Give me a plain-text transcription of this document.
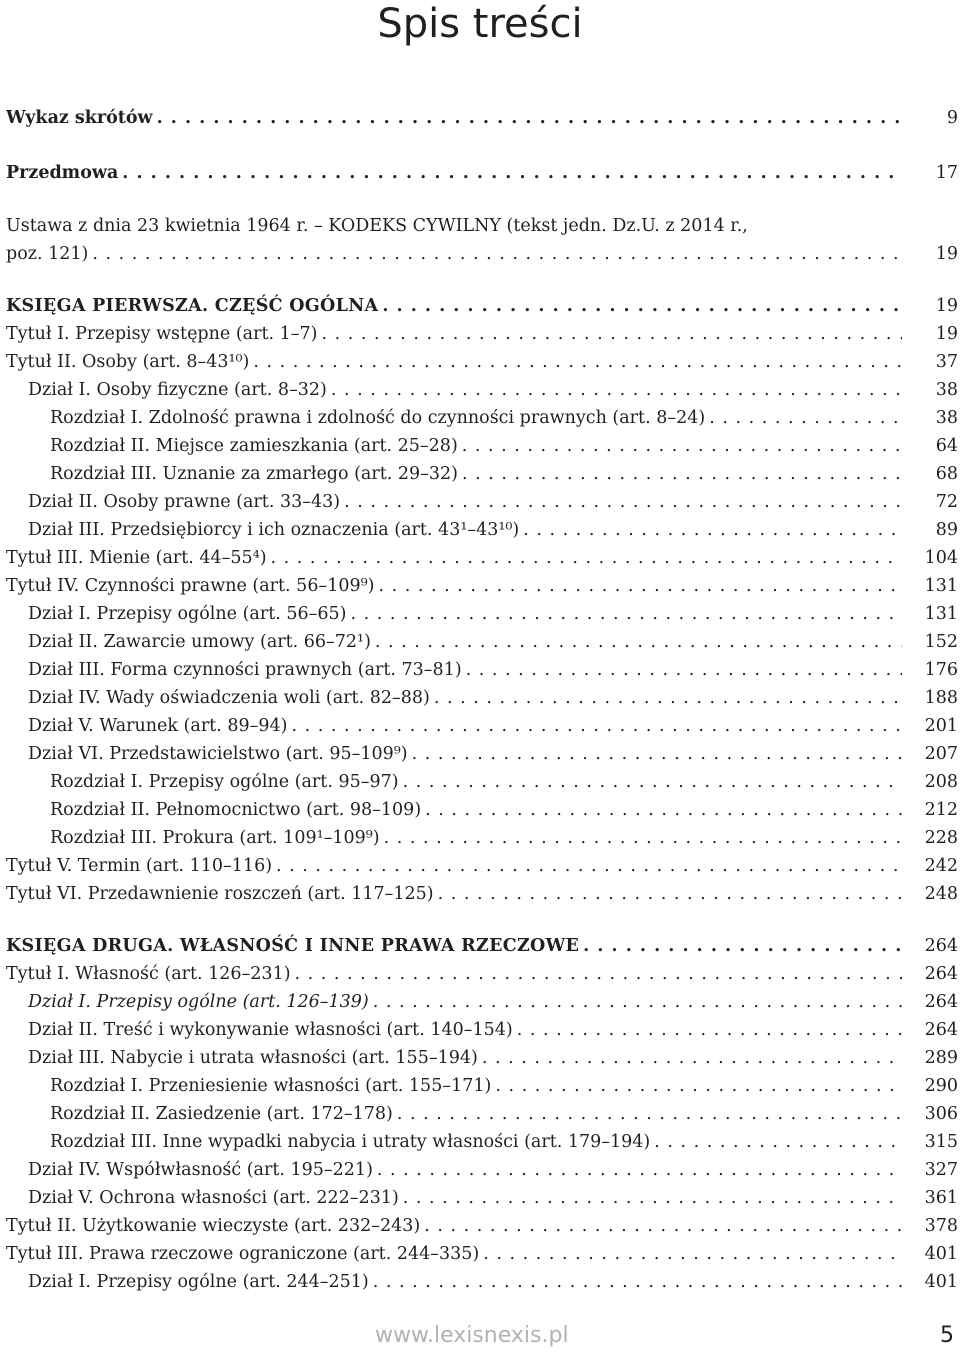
Spis treści
Wykaz skrótów . . .	9
Przedmowa . . .	17
Ustawa z dnia 23 kwietnia 1964 r. – KODEKS CYWILNY (tekst jedn. Dz.U. z 2014 r.,
poz. 121) . . .	19
KSIĘGA PIERWSZA. CZĘŚĆ OGÓLNA . . .	19
Tytuł I. Przepisy wstępne (art. 1–7) . . .	19
Tytuł II. Osoby (art. 8–43¹⁰) . . .	37
Dział I. Osoby fizyczne (art. 8–32) . . .	38
Rozdział I. Zdolność prawna i zdolność do czynności prawnych (art. 8–24) . . .	38
Rozdział II. Miejsce zamieszkania (art. 25–28) . . .	64
Rozdział III. Uznanie za zmarłego (art. 29–32) . . .	68
Dział II. Osoby prawne (art. 33–43) . . .	72
Dział III. Przedsiębiorcy i ich oznaczenia (art. 43¹–43¹⁰) . . .	89
Tytuł III. Mienie (art. 44–55⁴) . . .	104
Tytuł IV. Czynności prawne (art. 56–109⁹) . . .	131
Dział I. Przepisy ogólne (art. 56–65) . . .	131
Dział II. Zawarcie umowy (art. 66–72¹) . . .	152
Dział III. Forma czynności prawnych (art. 73–81) . . .	176
Dział IV. Wady oświadczenia woli (art. 82–88) . . .	188
Dział V. Warunek (art. 89–94) . . .	201
Dział VI. Przedstawicielstwo (art. 95–109⁹) . . .	207
Rozdział I. Przepisy ogólne (art. 95–97) . . .	208
Rozdział II. Pełnomocnictwo (art. 98–109) . . .	212
Rozdział III. Prokura (art. 109¹–109⁹) . . .	228
Tytuł V. Termin (art. 110–116) . . .	242
Tytuł VI. Przedawnienie roszczeń (art. 117–125) . . .	248
KSIĘGA DRUGA. WŁASNOŚĆ I INNE PRAWA RZECZOWE . . .	264
Tytuł I. Własność (art. 126–231) . . .	264
Dział I. Przepisy ogólne (art. 126–139) . . .	264
Dział II. Treść i wykonywanie własności (art. 140–154) . . .	264
Dział III. Nabycie i utrata własności (art. 155–194) . . .	289
Rozdział I. Przeniesienie własności (art. 155–171) . . .	290
Rozdział II. Zasiedzenie (art. 172–178) . . .	306
Rozdział III. Inne wypadki nabycia i utraty własności (art. 179–194) . . .	315
Dział IV. Współwłasność (art. 195–221) . . .	327
Dział V. Ochrona własności (art. 222–231) . . .	361
Tytuł II. Użytkowanie wieczyste (art. 232–243) . . .	378
Tytuł III. Prawa rzeczowe ograniczone (art. 244–335) . . .	401
Dział I. Przepisy ogólne (art. 244–251) . . .	401
www.lexisnexis.pl	5
